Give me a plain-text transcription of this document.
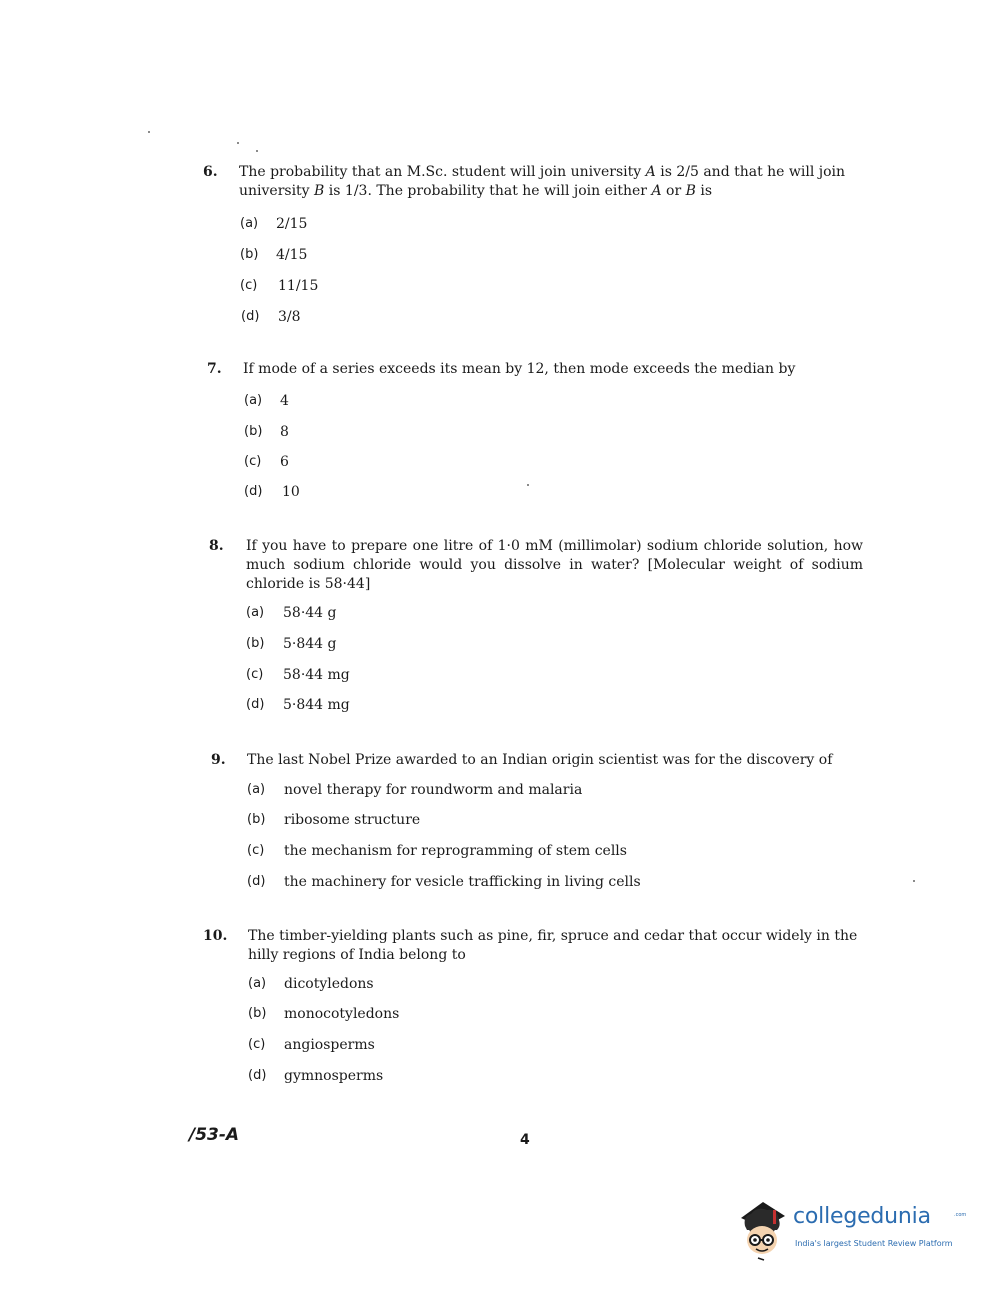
6. The probability that an M.Sc. student will join university A is 2/5 and that he will join university B is 1/3. The probability that he will join either A or B is
(a) 2/15
(b) 4/15
(c) 11/15
(d) 3/8
7. If mode of a series exceeds its mean by 12, then mode exceeds the median by
(a) 4
(b) 8
(c) 6
(d) 10
8. If you have to prepare one litre of 1·0 mM (millimolar) sodium chloride solution, how much sodium chloride would you dissolve in water? [Molecular weight of sodium chloride is 58·44]
(a) 58·44 g
(b) 5·844 g
(c) 58·44 mg
(d) 5·844 mg
9. The last Nobel Prize awarded to an Indian origin scientist was for the discovery of
(a) novel therapy for roundworm and malaria
(b) ribosome structure
(c) the mechanism for reprogramming of stem cells
(d) the machinery for vesicle trafficking in living cells
10. The timber-yielding plants such as pine, fir, spruce and cedar that occur widely in the hilly regions of India belong to
(a) dicotyledons
(b) monocotyledons
(c) angiosperms
(d) gymnosperms
/53-A	4
collegedunia	.com
India's largest Student Review Platform
